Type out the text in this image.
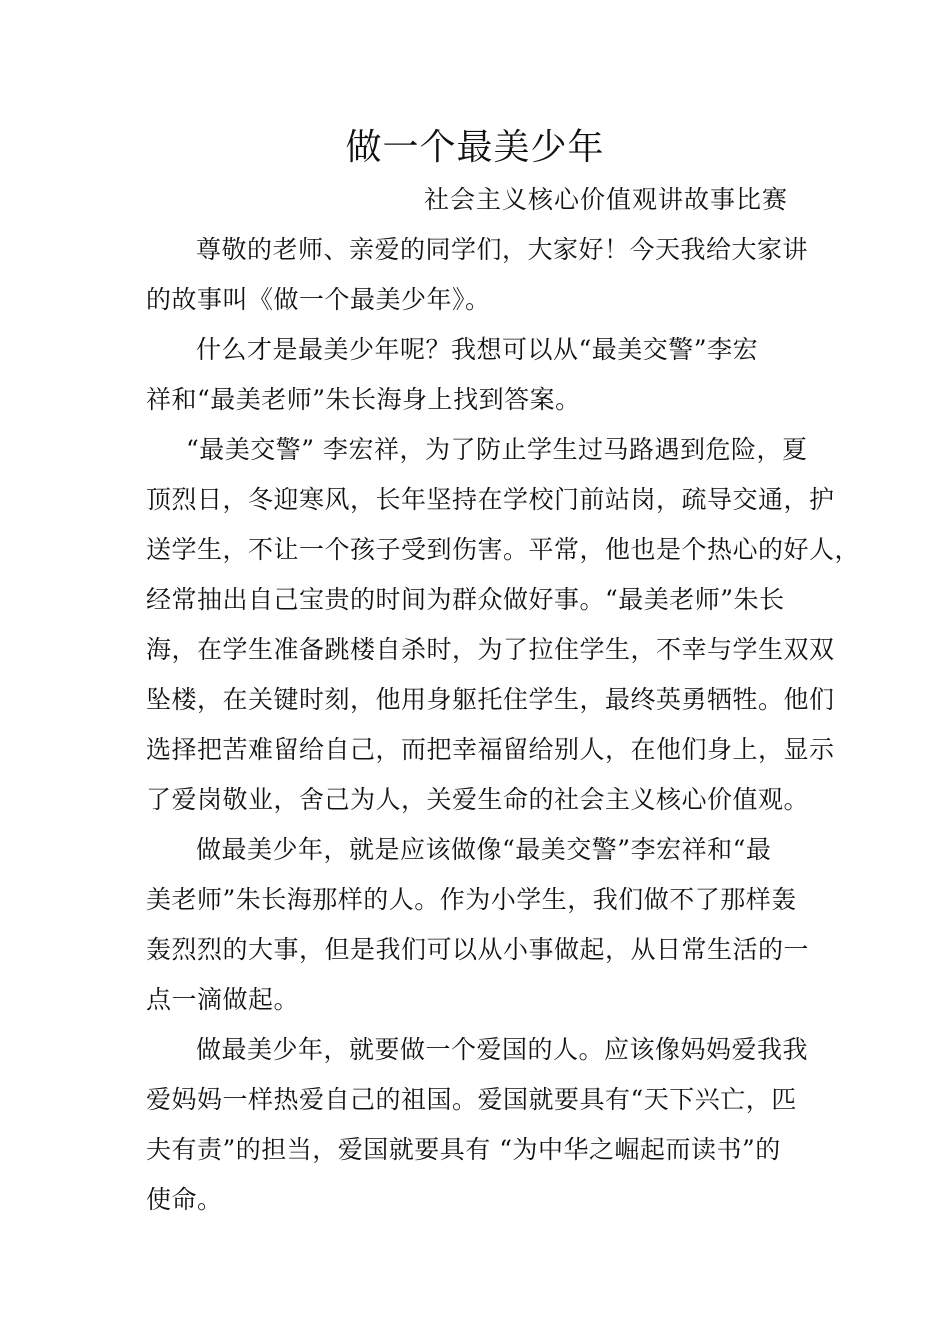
做一个最美少年

社会主义核心价值观讲故事比赛

尊敬的老师、亲爱的同学们，大家好！今天我给大家讲

的故事叫《做一个最美少年》。

什么才是最美少年呢？我想可以从“最美交警”李宏

祥和“最美老师”朱长海身上找到答案。

“最美交警” 李宏祥，为了防止学生过马路遇到危险，夏

顶烈日，冬迎寒风，长年坚持在学校门前站岗，疏导交通，护

送学生，不让一个孩子受到伤害。平常，他也是个热心的好人，

经常抽出自己宝贵的时间为群众做好事。“最美老师”朱长

海，在学生准备跳楼自杀时，为了拉住学生，不幸与学生双双

坠楼，在关键时刻，他用身躯托住学生，最终英勇牺牲。他们

选择把苦难留给自己，而把幸福留给别人，在他们身上，显示

了爱岗敬业，舍己为人，关爱生命的社会主义核心价值观。

做最美少年，就是应该做像“最美交警”李宏祥和“最

美老师”朱长海那样的人。作为小学生，我们做不了那样轰

轰烈烈的大事，但是我们可以从小事做起，从日常生活的一

点一滴做起。

做最美少年，就要做一个爱国的人。应该像妈妈爱我我

爱妈妈一样热爱自己的祖国。爱国就要具有“天下兴亡，匹

夫有责”的担当，爱国就要具有 “为中华之崛起而读书”的

使命。
